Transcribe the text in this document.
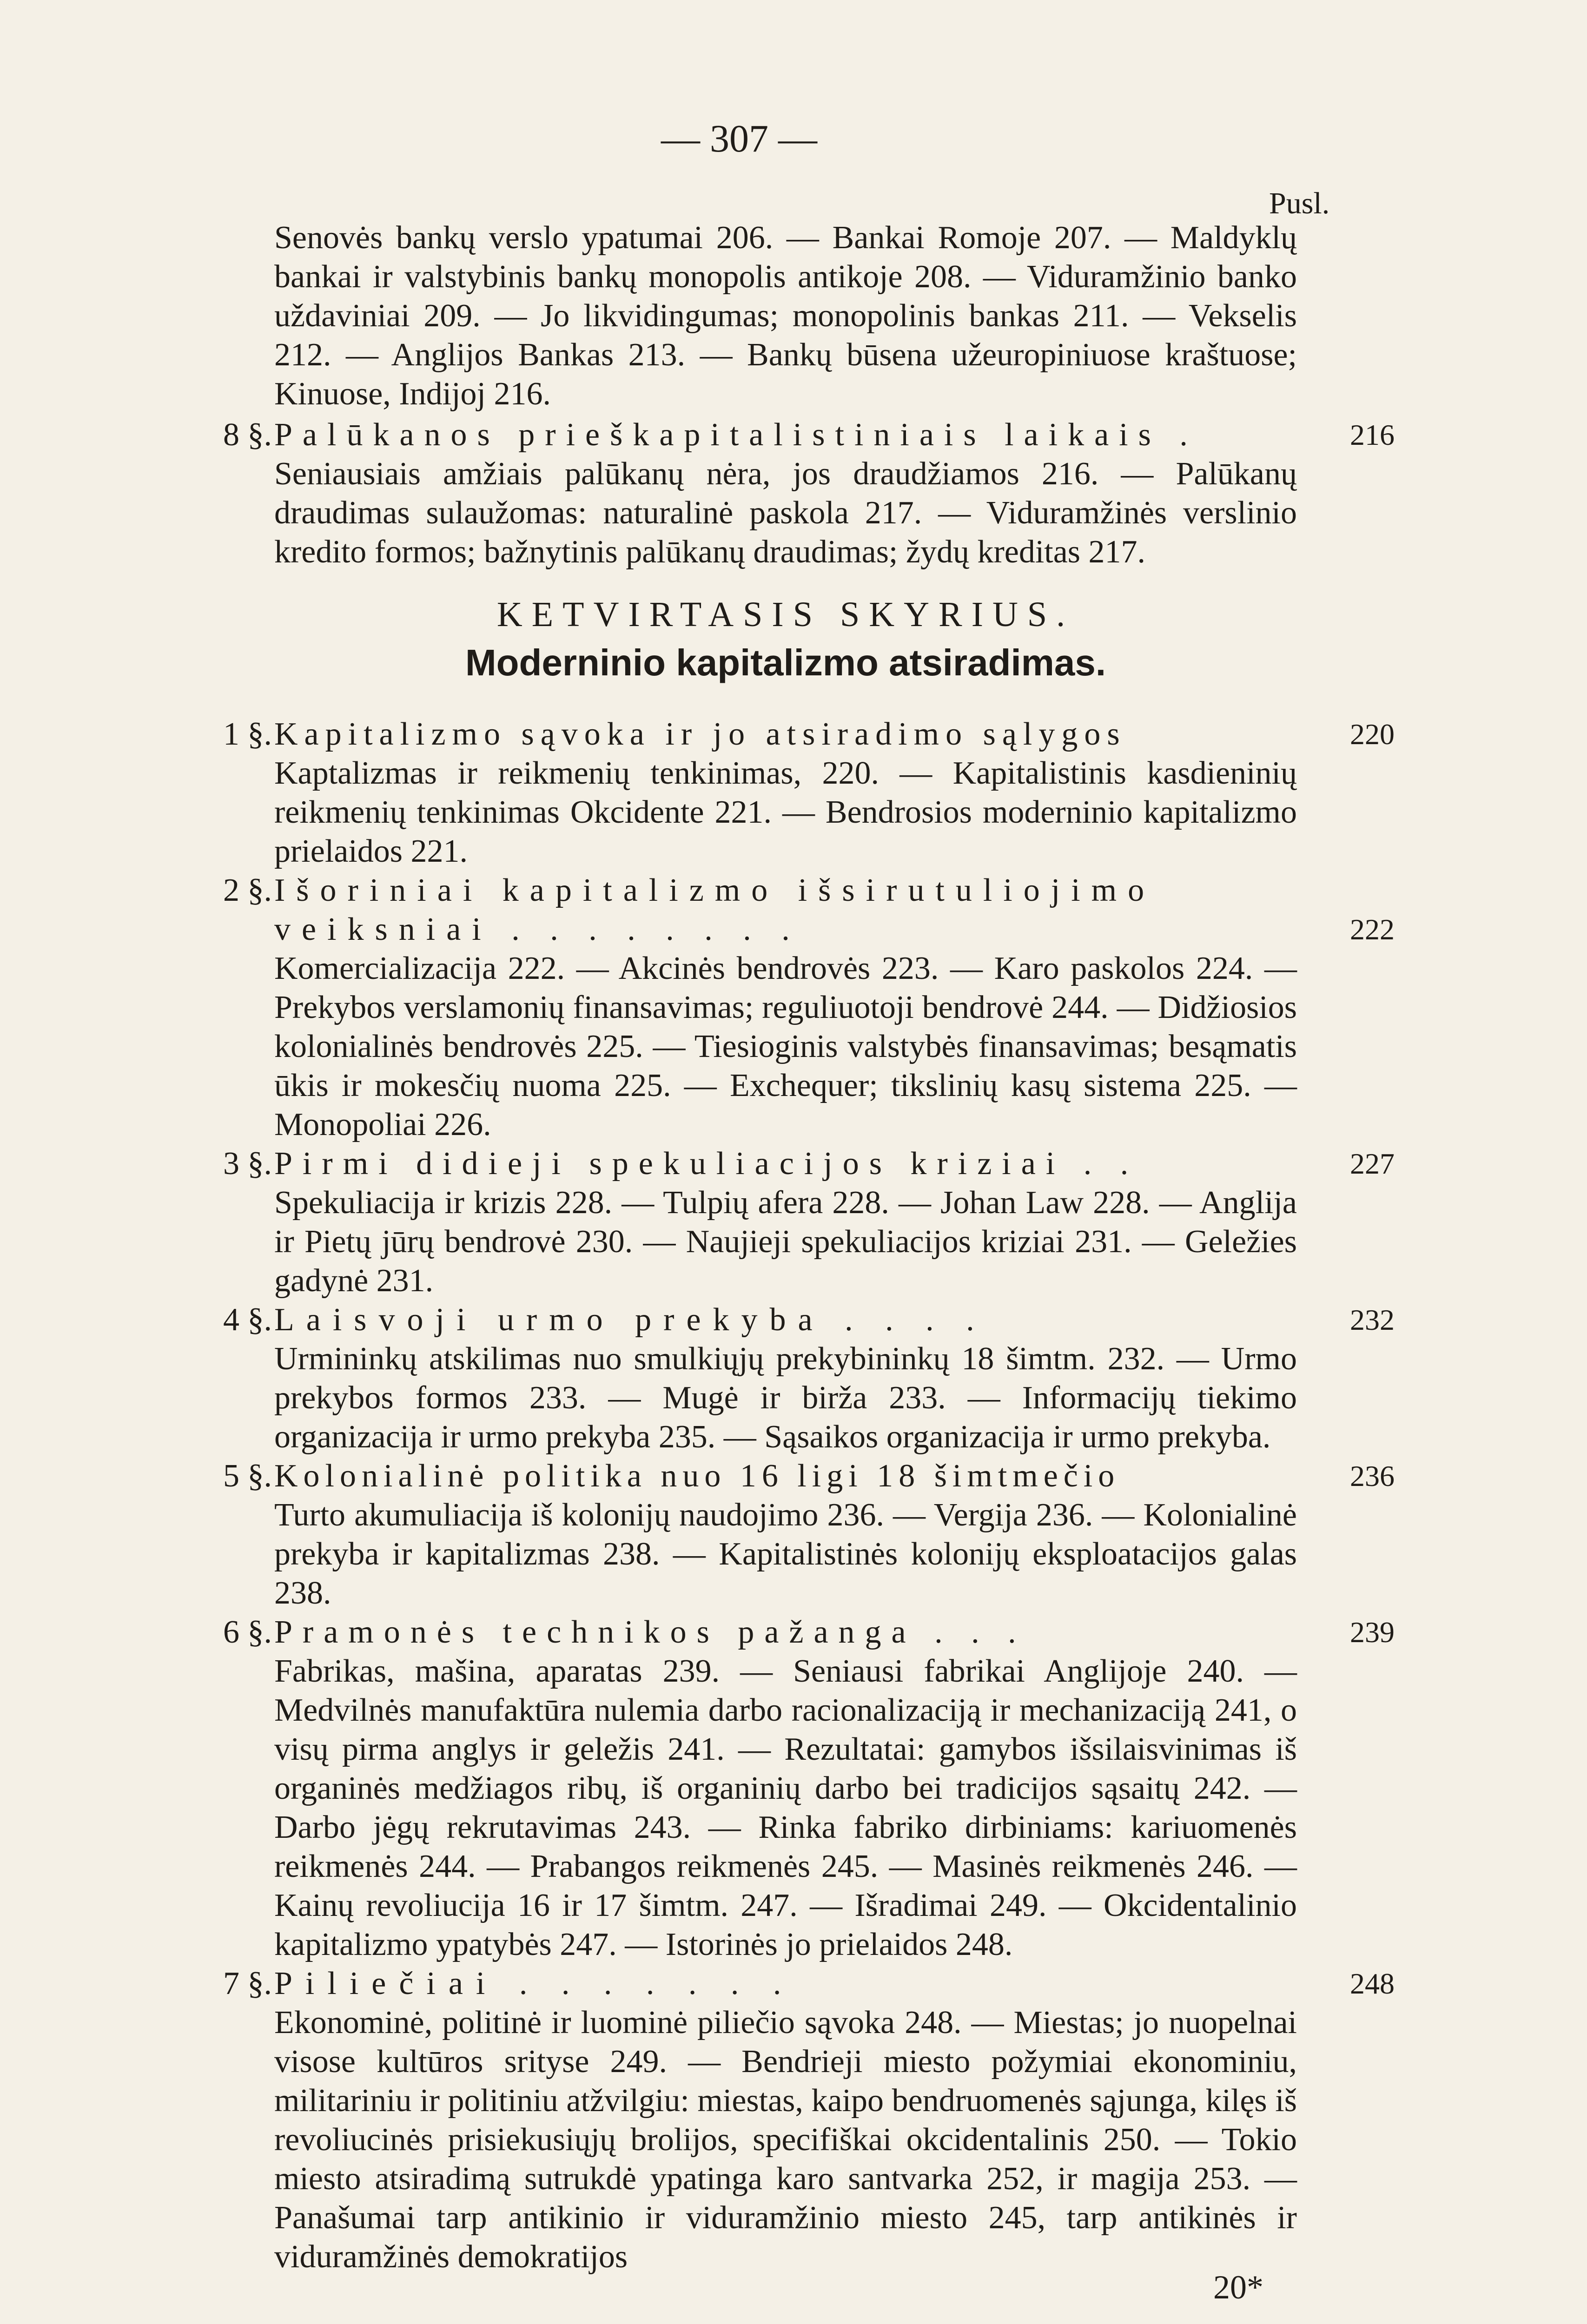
— 307 —
Pusl.

Senovės bankų verslo ypatumai 206. — Bankai Romoje 207. — Maldyklų bankai ir valstybinis bankų monopolis antikoje 208. — Viduramžinio banko uždaviniai 209. — Jo likvidingumas; monopolinis bankas 211. — Vekselis 212. — Anglijos Bankas 213. — Bankų būsena užeuropiniuose kraštuose; Kinuose, Indijoj 216.

8 §. Palūkanos prieškapitalistiniais laikais .	216

Seniausiais amžiais palūkanų nėra, jos draudžiamos 216. — Palūkanų draudimas sulaužomas: naturalinė paskola 217. — Viduramžinės verslinio kredito formos; bažnytinis palūkanų draudimas; žydų kreditas 217.

KETVIRTASIS SKYRIUS.
Moderninio kapitalizmo atsiradimas.
1 §. Kapitalizmo sąvoka ir jo atsiradimo sąlygos	220

Kaptalizmas ir reikmenių tenkinimas, 220. — Kapitalistinis kasdieninių reikmenių tenkinimas Okcidente 221. — Bendrosios moderninio kapitalizmo prielaidos 221.

2 §. Išoriniai kapitalizmo išsirutuliojimo veiksniai . . . . . . . .	222

Komercializacija 222. — Akcinės bendrovės 223. — Karo paskolos 224. — Prekybos verslamonių finansavimas; reguliuotoji bendrovė 244. — Didžiosios kolonialinės bendrovės 225. — Tiesioginis valstybės finansavimas; besąmatis ūkis ir mokesčių nuoma 225. — Exchequer; tikslinių kasų sistema 225. — Monopoliai 226.

3 §. Pirmi didieji spekuliacijos kriziai . .	227

Spekuliacija ir krizis 228. — Tulpių afera 228. — Johan Law 228. — Anglija ir Pietų jūrų bendrovė 230. — Naujieji spekuliacijos kriziai 231. — Geležies gadynė 231.

4 §. Laisvoji urmo prekyba . . . .	232

Urmininkų atskilimas nuo smulkiųjų prekybininkų 18 šimtm. 232. — Urmo prekybos formos 233. — Mugė ir birža 233. — Informacijų tiekimo organizacija ir urmo prekyba 235. — Sąsaikos organizacija ir urmo prekyba.

5 §. Kolonialinė politika nuo 16 ligi 18 šimtmečio	236

Turto akumuliacija iš kolonijų naudojimo 236. — Vergija 236. — Kolonialinė prekyba ir kapitalizmas 238. — Kapitalistinės kolonijų eksploatacijos galas 238.

6 §. Pramonės technikos pažanga . . .	239

Fabrikas, mašina, aparatas 239. — Seniausi fabrikai Anglijoje 240. — Medvilnės manufaktūra nulemia darbo racionalizaciją ir mechanizaciją 241, o visų pirma anglys ir geležis 241. — Rezultatai: gamybos išsilaisvinimas iš organinės medžiagos ribų, iš organinių darbo bei tradicijos sąsaitų 242. — Darbo jėgų rekrutavimas 243. — Rinka fabriko dirbiniams: kariuomenės reikmenės 244. — Prabangos reikmenės 245. — Masinės reikmenės 246. — Kainų revoliucija 16 ir 17 šimtm. 247. — Išradimai 249. — Okcidentalinio kapitalizmo ypatybės 247. — Istorinės jo prielaidos 248.

7 §. Piliečiai . . . . . . .	248

Ekonominė, politinė ir luominė piliečio sąvoka 248. — Miestas; jo nuopelnai visose kultūros srityse 249. — Bendrieji miesto požymiai ekonominiu, militariniu ir politiniu atžvilgiu: miestas, kaipo bendruomenės sąjunga, kilęs iš revoliucinės prisiekusiųjų brolijos, specifiškai okcidentalinis 250. — Tokio miesto atsiradimą sutrukdė ypatinga karo santvarka 252, ir magija 253. — Panašumai tarp antikinio ir viduramžinio miesto 245, tarp antikinės ir viduramžinės demokratijos

20*
